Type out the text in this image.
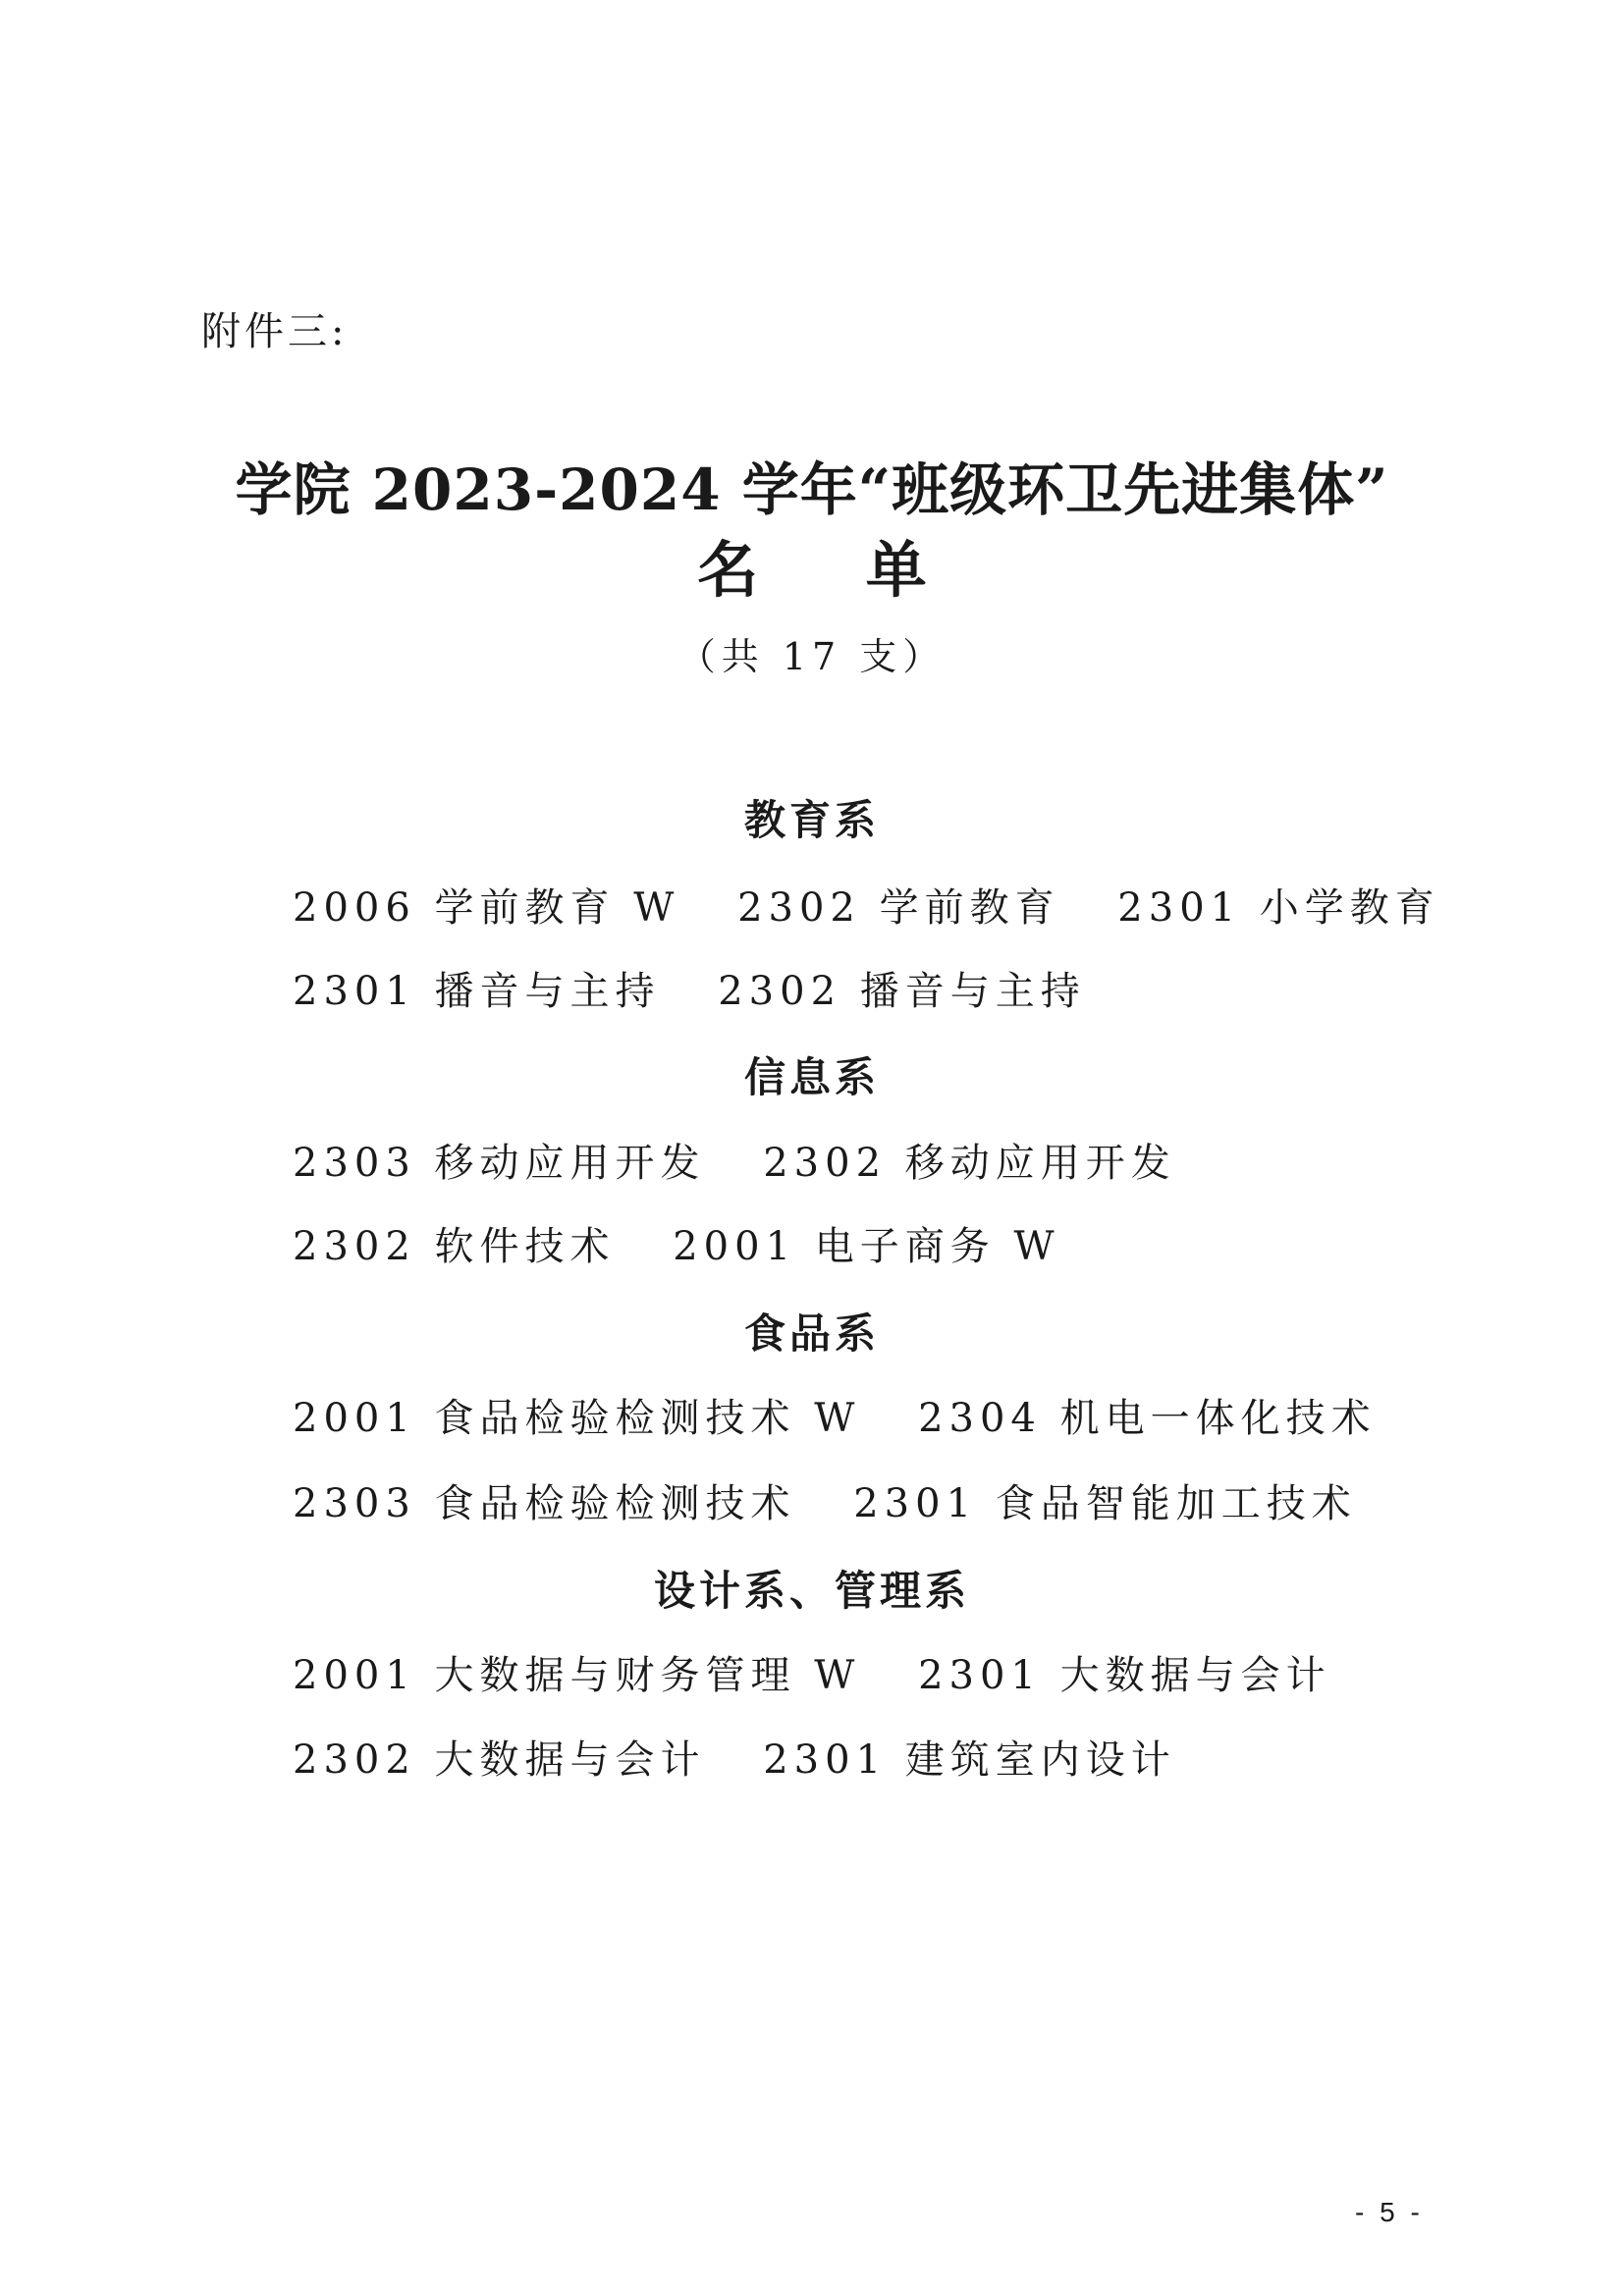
附件三:
学院 2023-2024 学年“班级环卫先进集体”
名 单
（共 17 支）
教育系
2006 学前教育 W 2302 学前教育 2301 小学教育
2301 播音与主持 2302 播音与主持
信息系
2303 移动应用开发 2302 移动应用开发
2302 软件技术 2001 电子商务 W
食品系
2001 食品检验检测技术 W 2304 机电一体化技术
2303 食品检验检测技术 2301 食品智能加工技术
设计系、管理系
2001 大数据与财务管理 W 2301 大数据与会计
2302 大数据与会计 2301 建筑室内设计
- 5 -
